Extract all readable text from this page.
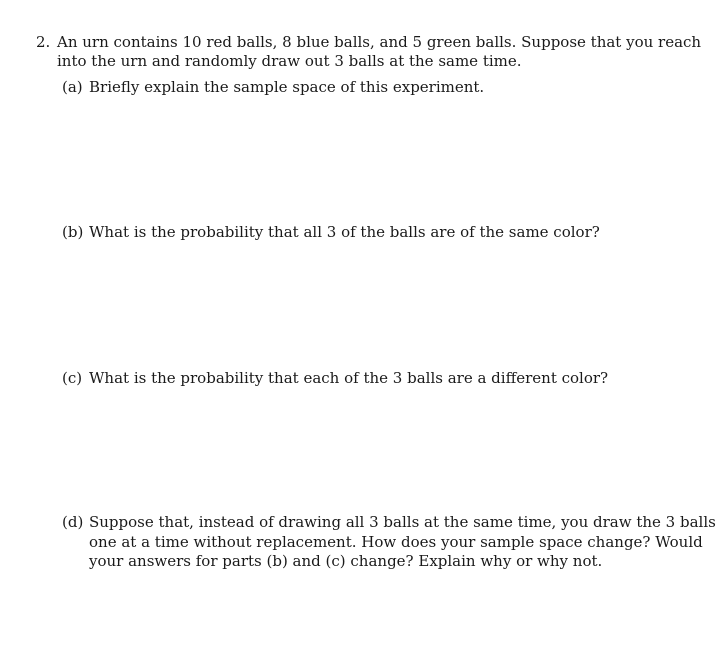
2. An urn contains 10 red balls, 8 blue balls, and 5 green balls. Suppose that you reach
into the urn and randomly draw out 3 balls at the same time.
(a) Briefly explain the sample space of this experiment.
(b) What is the probability that all 3 of the balls are of the same color?
(c) What is the probability that each of the 3 balls are a different color?
(d) Suppose that, instead of drawing all 3 balls at the same time, you draw the 3 balls
one at a time without replacement. How does your sample space change? Would
your answers for parts (b) and (c) change? Explain why or why not.
